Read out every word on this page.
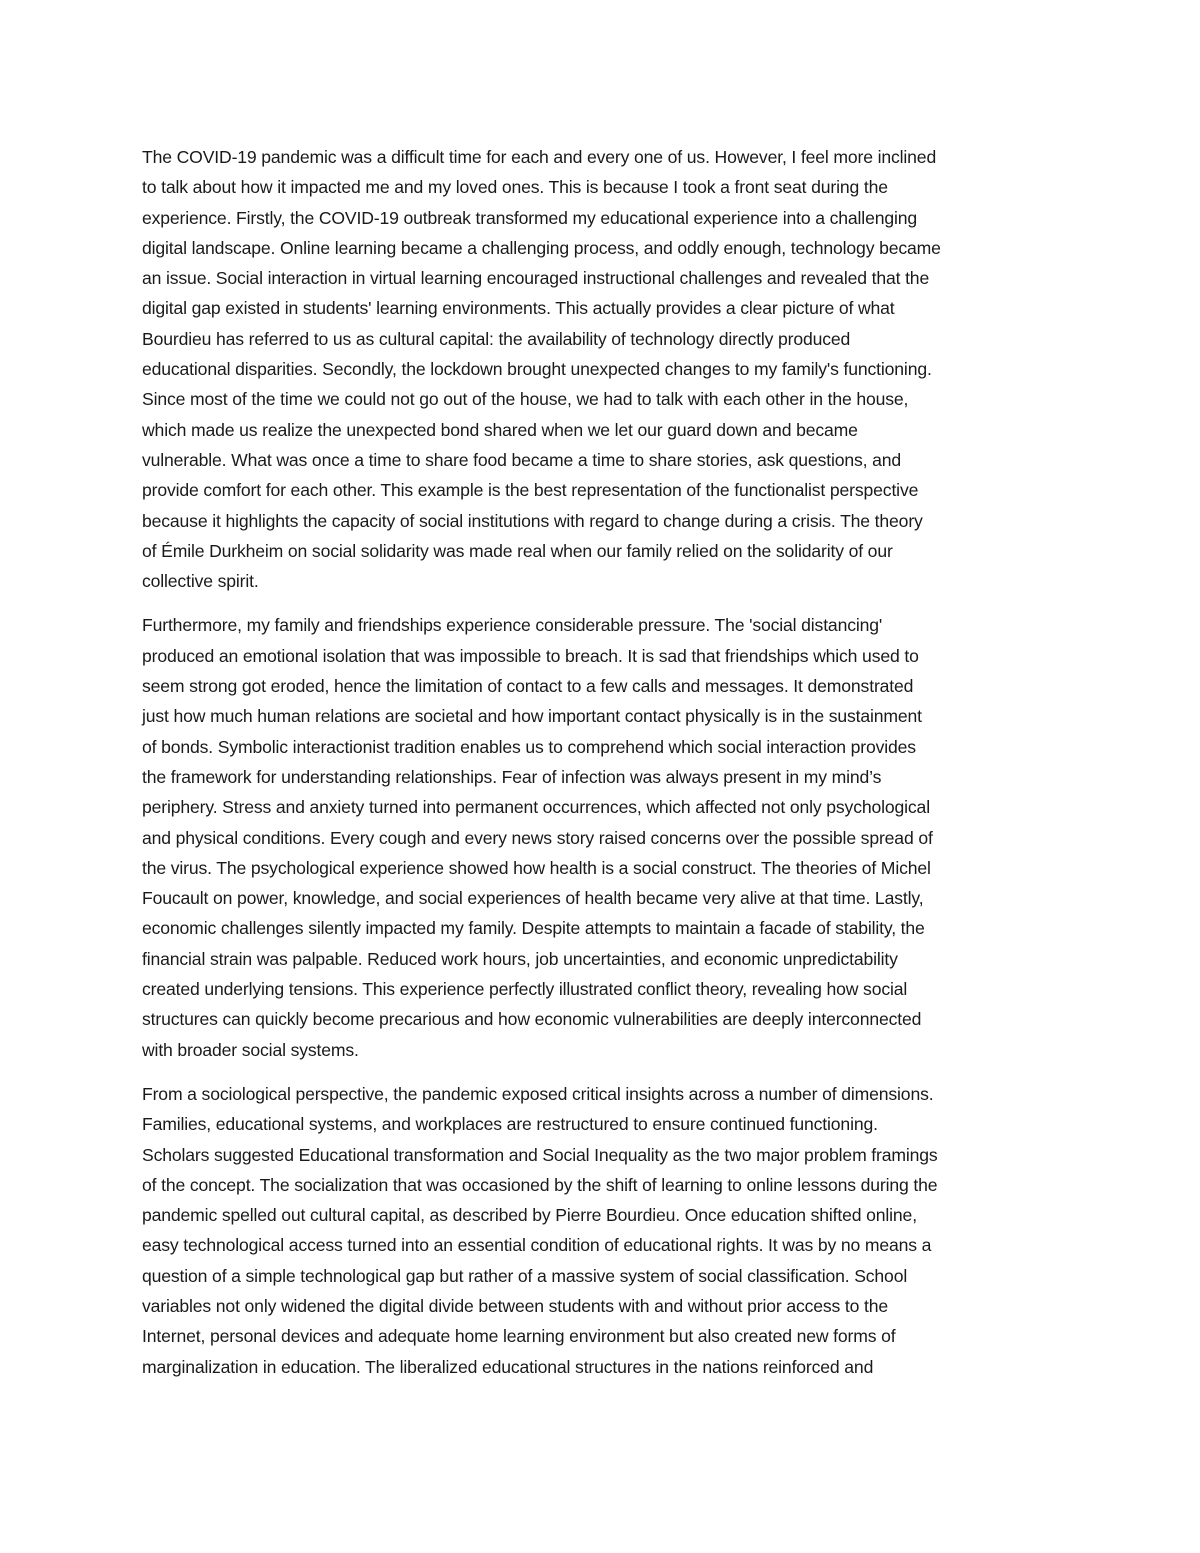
The COVID-19 pandemic was a difficult time for each and every one of us. However, I feel more inclined
to talk about how it impacted me and my loved ones. This is because I took a front seat during the
experience. Firstly, the COVID-19 outbreak transformed my educational experience into a challenging
digital landscape. Online learning became a challenging process, and oddly enough, technology became
an issue. Social interaction in virtual learning encouraged instructional challenges and revealed that the
digital gap existed in students' learning environments. This actually provides a clear picture of what
Bourdieu has referred to us as cultural capital: the availability of technology directly produced
educational disparities. Secondly, the lockdown brought unexpected changes to my family's functioning.
Since most of the time we could not go out of the house, we had to talk with each other in the house,
which made us realize the unexpected bond shared when we let our guard down and became
vulnerable. What was once a time to share food became a time to share stories, ask questions, and
provide comfort for each other. This example is the best representation of the functionalist perspective
because it highlights the capacity of social institutions with regard to change during a crisis. The theory
of Émile Durkheim on social solidarity was made real when our family relied on the solidarity of our
collective spirit.
Furthermore, my family and friendships experience considerable pressure. The 'social distancing'
produced an emotional isolation that was impossible to breach. It is sad that friendships which used to
seem strong got eroded, hence the limitation of contact to a few calls and messages. It demonstrated
just how much human relations are societal and how important contact physically is in the sustainment
of bonds. Symbolic interactionist tradition enables us to comprehend which social interaction provides
the framework for understanding relationships. Fear of infection was always present in my mind’s
periphery. Stress and anxiety turned into permanent occurrences, which affected not only psychological
and physical conditions. Every cough and every news story raised concerns over the possible spread of
the virus. The psychological experience showed how health is a social construct. The theories of Michel
Foucault on power, knowledge, and social experiences of health became very alive at that time. Lastly,
economic challenges silently impacted my family. Despite attempts to maintain a facade of stability, the
financial strain was palpable. Reduced work hours, job uncertainties, and economic unpredictability
created underlying tensions. This experience perfectly illustrated conflict theory, revealing how social
structures can quickly become precarious and how economic vulnerabilities are deeply interconnected
with broader social systems.
From a sociological perspective, the pandemic exposed critical insights across a number of dimensions.
Families, educational systems, and workplaces are restructured to ensure continued functioning.
Scholars suggested Educational transformation and Social Inequality as the two major problem framings
of the concept. The socialization that was occasioned by the shift of learning to online lessons during the
pandemic spelled out cultural capital, as described by Pierre Bourdieu. Once education shifted online,
easy technological access turned into an essential condition of educational rights. It was by no means a
question of a simple technological gap but rather of a massive system of social classification. School
variables not only widened the digital divide between students with and without prior access to the
Internet, personal devices and adequate home learning environment but also created new forms of
marginalization in education. The liberalized educational structures in the nations reinforced and
